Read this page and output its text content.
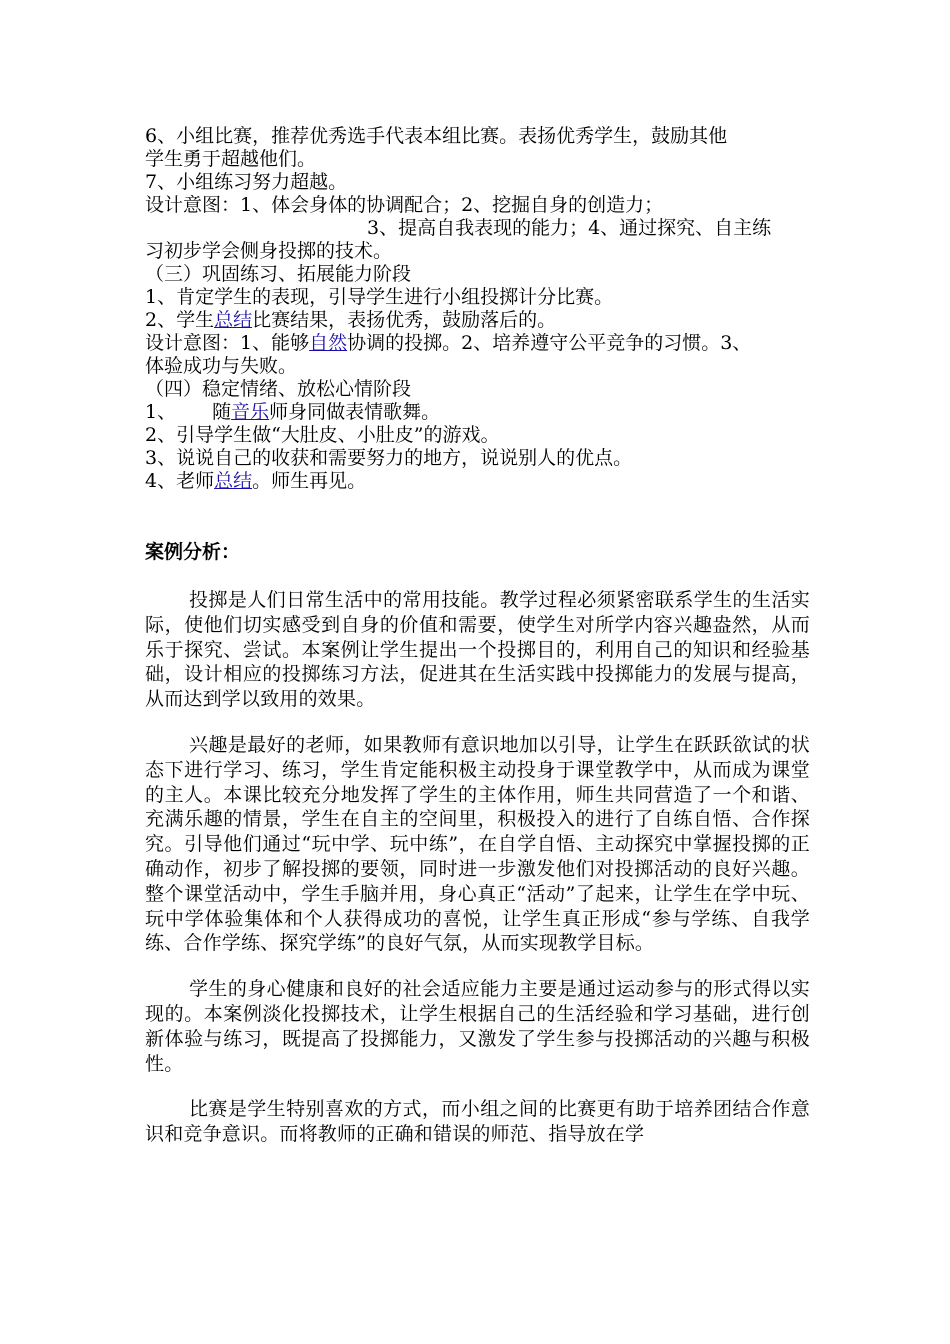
6、小组比赛，推荐优秀选手代表本组比赛。表扬优秀学生，鼓励其他
学生勇于超越他们。
7、小组练习努力超越。
设计意图：1、体会身体的协调配合；2、挖掘自身的创造力；
3、提高自我表现的能力；4、通过探究、自主练
习初步学会侧身投掷的技术。
（三）巩固练习、拓展能力阶段
1、肯定学生的表现，引导学生进行小组投掷计分比赛。
2、学生总结比赛结果，表扬优秀，鼓励落后的。
设计意图：1、能够自然协调的投掷。2、培养遵守公平竞争的习惯。3、
体验成功与失败。
（四）稳定情绪、放松心情阶段
1、 随音乐师身同做表情歌舞。
2、引导学生做“大肚皮、小肚皮”的游戏。
3、说说自己的收获和需要努力的地方，说说别人的优点。
4、老师总结。师生再见。
案例分析：

投掷是人们日常生活中的常用技能。教学过程必须紧密联系学生的生活实际，使他们切实感受到自身的价值和需要，使学生对所学内容兴趣盎然，从而乐于探究、尝试。本案例让学生提出一个投掷目的，利用自己的知识和经验基础，设计相应的投掷练习方法，促进其在生活实践中投掷能力的发展与提高，从而达到学以致用的效果。

兴趣是最好的老师，如果教师有意识地加以引导，让学生在跃跃欲试的状态下进行学习、练习，学生肯定能积极主动投身于课堂教学中，从而成为课堂的主人。本课比较充分地发挥了学生的主体作用，师生共同营造了一个和谐、充满乐趣的情景，学生在自主的空间里，积极投入的进行了自练自悟、合作探究。引导他们通过“玩中学、玩中练”，在自学自悟、主动探究中掌握投掷的正确动作，初步了解投掷的要领，同时进一步激发他们对投掷活动的良好兴趣。整个课堂活动中，学生手脑并用，身心真正“活动”了起来，让学生在学中玩、玩中学体验集体和个人获得成功的喜悦，让学生真正形成“参与学练、自我学练、合作学练、探究学练”的良好气氛，从而实现教学目标。

学生的身心健康和良好的社会适应能力主要是通过运动参与的形式得以实现的。本案例淡化投掷技术，让学生根据自己的生活经验和学习基础，进行创新体验与练习，既提高了投掷能力，又激发了学生参与投掷活动的兴趣与积极性。

比赛是学生特别喜欢的方式，而小组之间的比赛更有助于培养团结合作意识和竞争意识。而将教师的正确和错误的师范、指导放在学
